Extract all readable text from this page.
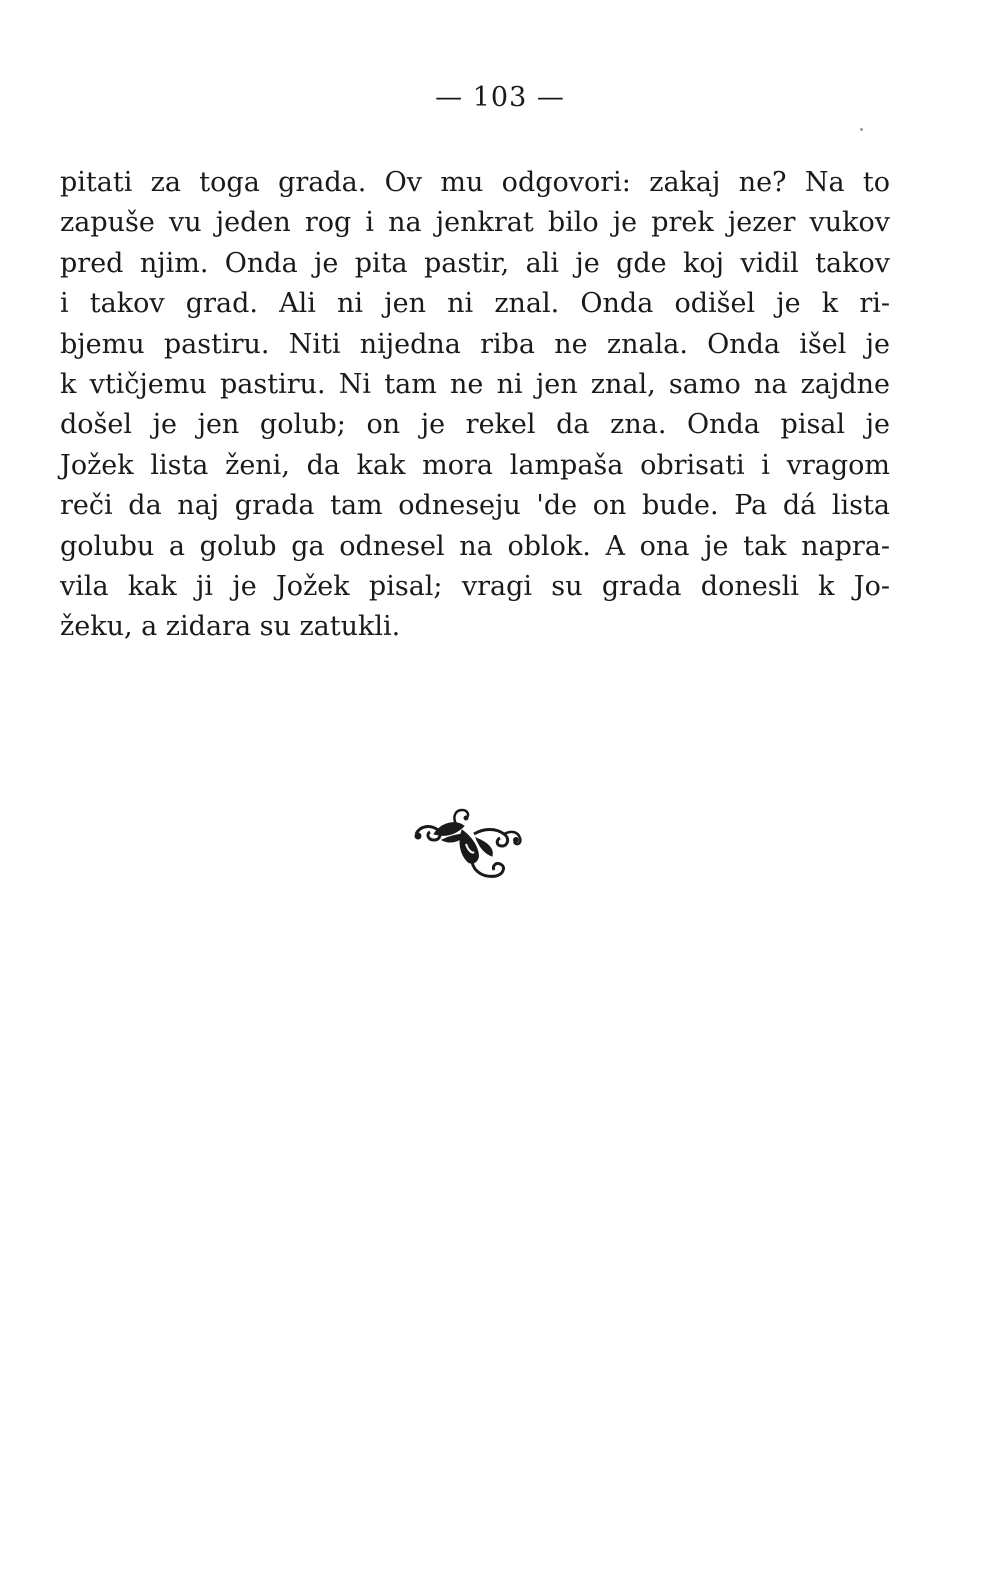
— 103 —
pitati za toga grada. Ov mu odgovori: zakaj ne? Na to
zapuše vu jeden rog i na jenkrat bilo je prek jezer vukov
pred njim. Onda je pita pastir, ali je gde koj vidil takov
i takov grad. Ali ni jen ni znal. Onda odišel je k ri-
bjemu pastiru. Niti nijedna riba ne znala. Onda išel je
k vtičjemu pastiru. Ni tam ne ni jen znal, samo na zajdne
došel je jen golub; on je rekel da zna. Onda pisal je
Jožek lista ženi, da kak mora lampaša obrisati i vragom
reči da naj grada tam odneseju 'de on bude. Pa dá lista
golubu a golub ga odnesel na oblok. A ona je tak napra-
vila kak ji je Jožek pisal; vragi su grada donesli k Jo-
žeku, a zidara su zatukli.
